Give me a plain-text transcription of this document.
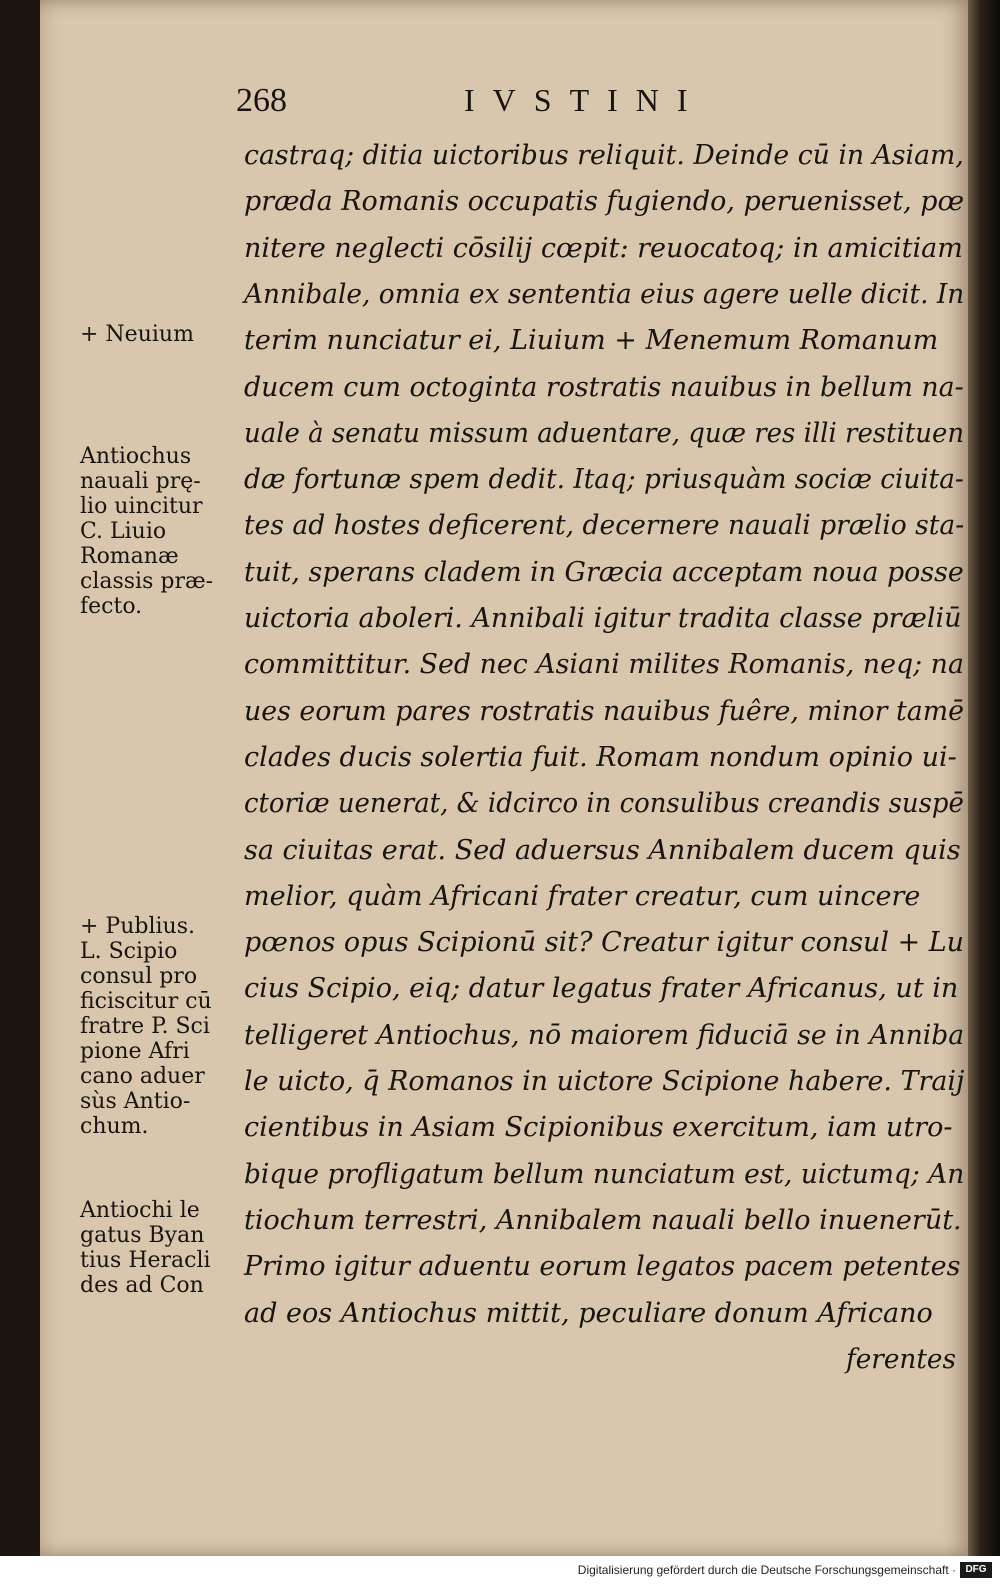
268	IVSTINI
castraq; ditia uictoribus reliquit. Deinde cū in Asiam,
præda Romanis occupatis fugiendo, peruenisset, pœ
nitere neglecti cōsilij cœpit: reuocatoq; in amicitiam
Annibale, omnia ex sententia eius agere uelle dicit. In
terim nunciatur ei, Liuium + Menemum Romanum
ducem cum octoginta rostratis nauibus in bellum na-
uale à senatu missum aduentare, quæ res illi restituen
dæ fortunæ spem dedit. Itaq; priusquàm sociæ ciuita-
tes ad hostes deficerent, decernere nauali prælio sta-
tuit, sperans cladem in Græcia acceptam noua posse
uictoria aboleri. Annibali igitur tradita classe præliū
committitur. Sed nec Asiani milites Romanis, neq; na
ues eorum pares rostratis nauibus fuêre, minor tamē
clades ducis solertia fuit. Romam nondum opinio ui-
ctoriæ uenerat, & idcirco in consulibus creandis suspē
sa ciuitas erat. Sed aduersus Annibalem ducem quis
melior, quàm Africani frater creatur, cum uincere
pœnos opus Scipionū sit? Creatur igitur consul + Lu
cius Scipio, eiq; datur legatus frater Africanus, ut in
telligeret Antiochus, nō maiorem fiduciā se in Anniba
le uicto, q̄ Romanos in uictore Scipione habere. Traij
cientibus in Asiam Scipionibus exercitum, iam utro-
bique profligatum bellum nunciatum est, uictumq; An
tiochum terrestri, Annibalem nauali bello inuenerūt.
Primo igitur aduentu eorum legatos pacem petentes
ad eos Antiochus mittit, peculiare donum Africano
ferentes
+ Neuium
Antiochus
nauali prę-
lio uincitur
C. Liuio
Romanæ
classis præ-
fecto.
+ Publius.
L. Scipio
consul pro
ficiscitur cū
fratre P. Sci
pione Afri
cano aduer
sùs Antio-
chum.
Antiochi le
gatus Byan
tius Heracli
des ad Con
Digitalisierung gefördert durch die Deutsche Forschungsgemeinschaft · DFG
